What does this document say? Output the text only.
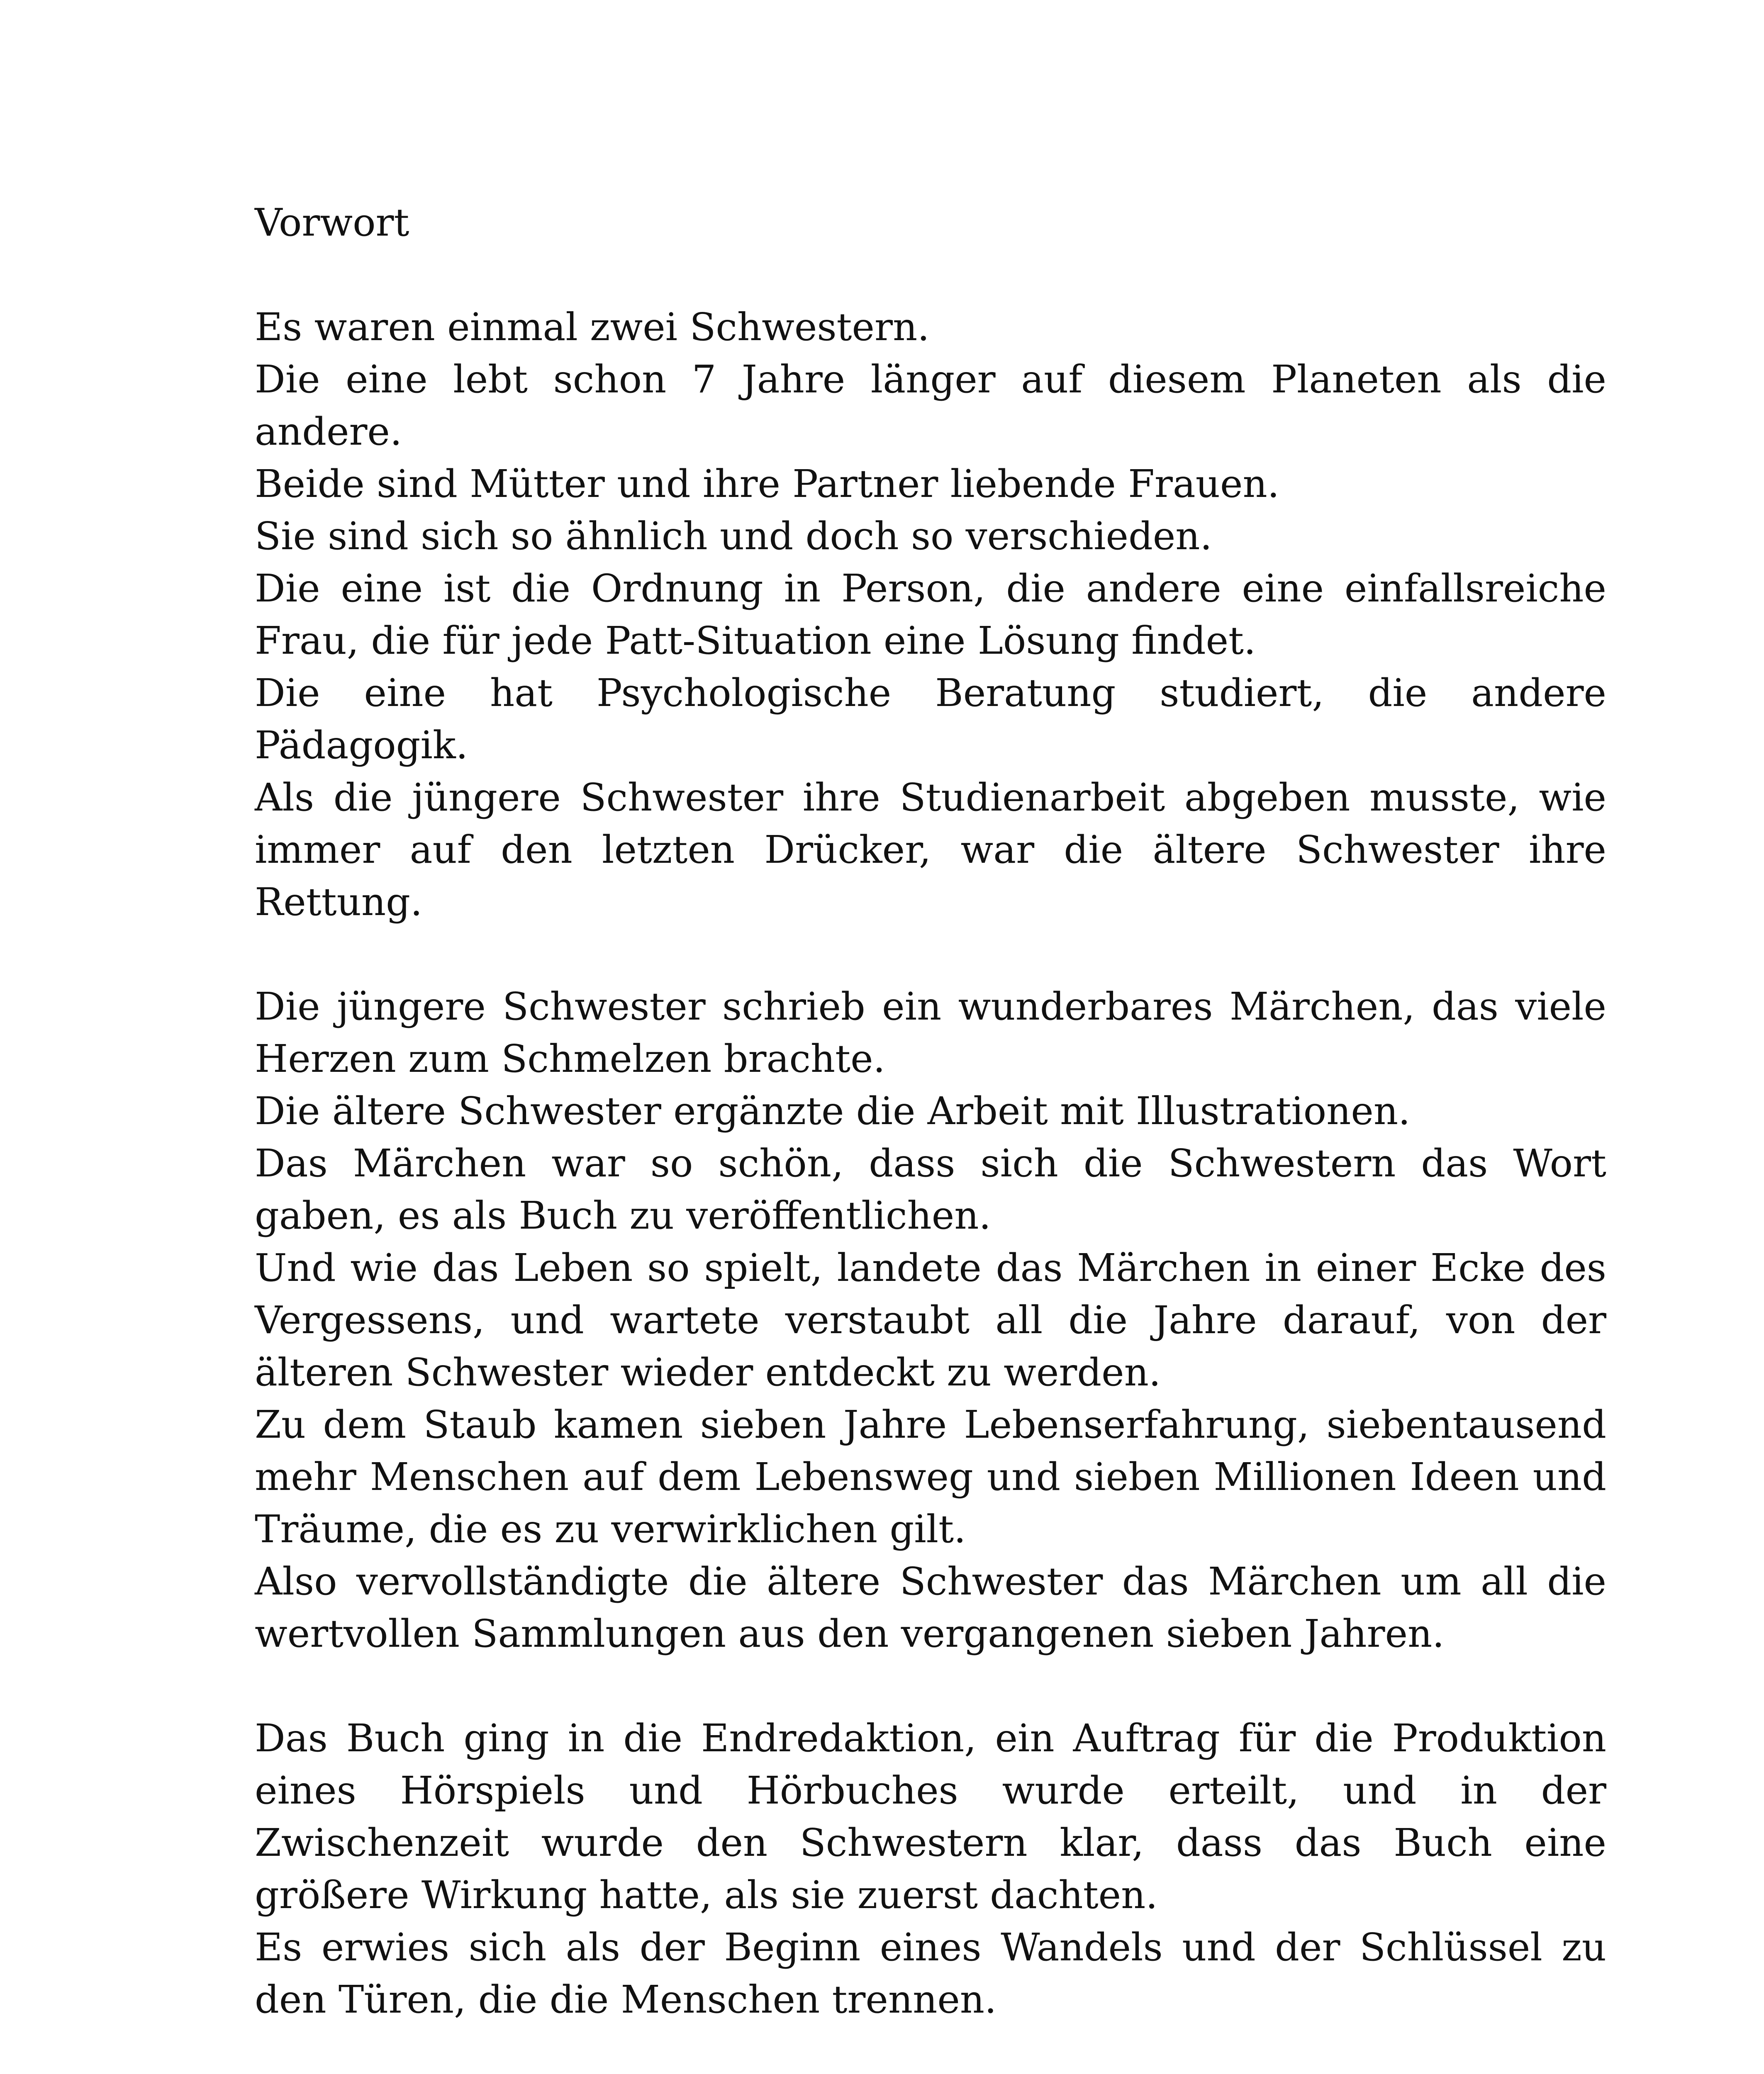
Vorwort

Es waren einmal zwei Schwestern.

Die eine lebt schon 7 Jahre länger auf diesem Planeten als die andere.

Beide sind Mütter und ihre Partner liebende Frauen.

Sie sind sich so ähnlich und doch so verschieden.

Die eine ist die Ordnung in Person, die andere eine einfallsreiche Frau, die für jede Patt-Situation eine Lösung findet.

Die eine hat Psychologische Beratung studiert, die andere Pädagogik.

Als die jüngere Schwester ihre Studienarbeit abgeben musste, wie immer auf den letzten Drücker, war die ältere Schwester ihre Rettung.

Die jüngere Schwester schrieb ein wunderbares Märchen, das viele Herzen zum Schmelzen brachte.

Die ältere Schwester ergänzte die Arbeit mit Illustrationen.

Das Märchen war so schön, dass sich die Schwestern das Wort gaben, es als Buch zu veröffentlichen.

Und wie das Leben so spielt, landete das Märchen in einer Ecke des Vergessens, und wartete verstaubt all die Jahre darauf, von der älteren Schwester wieder entdeckt zu werden.

Zu dem Staub kamen sieben Jahre Lebenserfahrung, siebentausend mehr Menschen auf dem Lebensweg und sieben Millionen Ideen und Träume, die es zu verwirklichen gilt.

Also vervollständigte die ältere Schwester das Märchen um all die wertvollen Sammlungen aus den vergangenen sieben Jahren.

Das Buch ging in die Endredaktion, ein Auftrag für die Produktion eines Hörspiels und Hörbuches wurde erteilt, und in der Zwischenzeit wurde den Schwestern klar, dass das Buch eine größere Wirkung hatte, als sie zuerst dachten.

Es erwies sich als der Beginn eines Wandels und der Schlüssel zu den Türen, die die Menschen trennen.
